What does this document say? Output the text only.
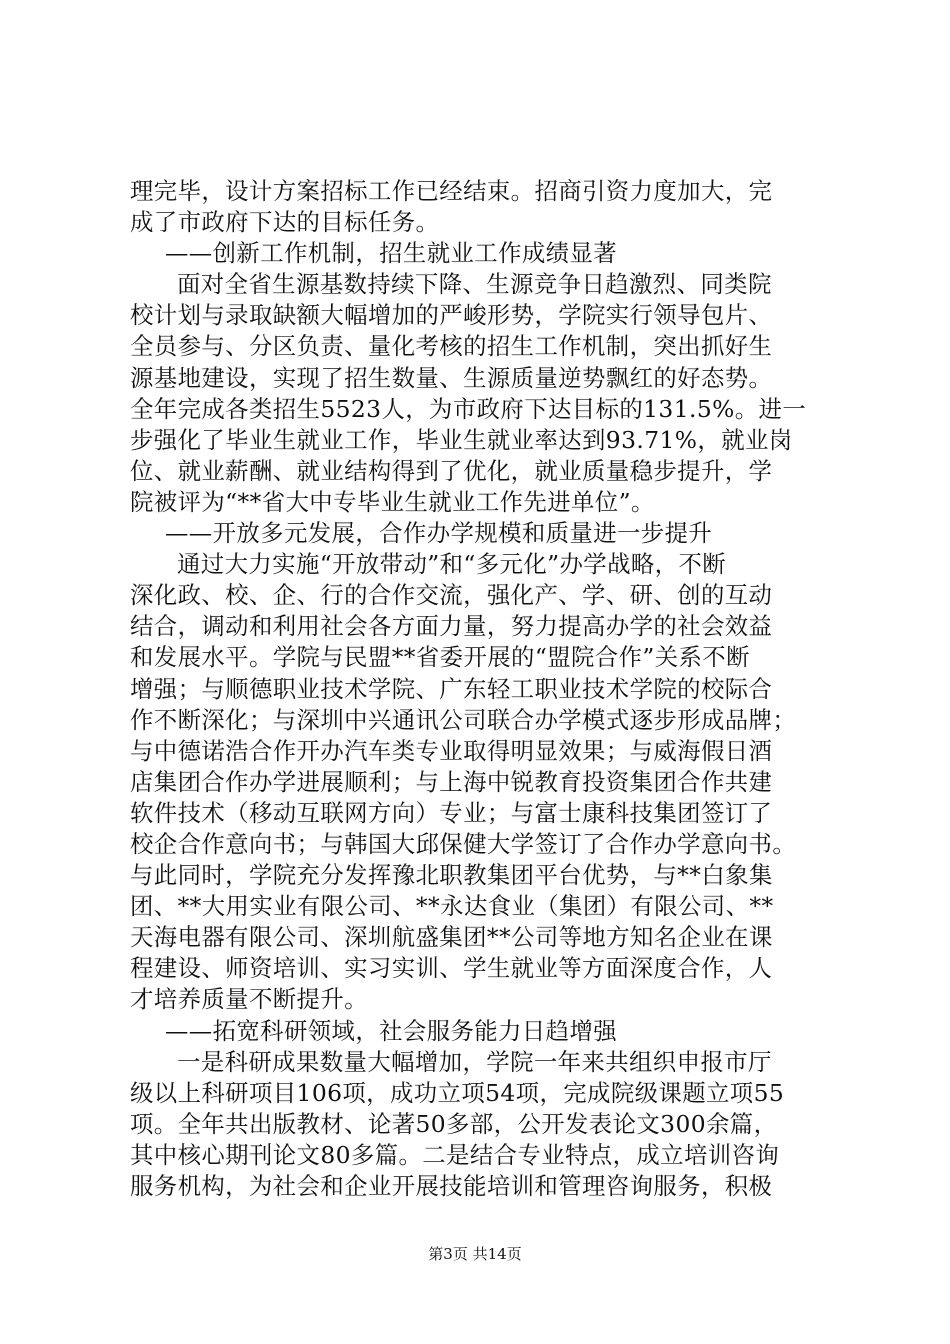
理完毕，设计方案招标工作已经结束。招商引资力度加大，完
成了市政府下达的目标任务。
——创新工作机制，招生就业工作成绩显著
面对全省生源基数持续下降、生源竞争日趋激烈、同类院
校计划与录取缺额大幅增加的严峻形势，学院实行领导包片、
全员参与、分区负责、量化考核的招生工作机制，突出抓好生
源基地建设，实现了招生数量、生源质量逆势飘红的好态势。
全年完成各类招生5523人，为市政府下达目标的131.5%。进一
步强化了毕业生就业工作，毕业生就业率达到93.71%，就业岗
位、就业薪酬、就业结构得到了优化，就业质量稳步提升，学
院被评为“**省大中专毕业生就业工作先进单位”。
——开放多元发展，合作办学规模和质量进一步提升
通过大力实施“开放带动”和“多元化”办学战略，不断
深化政、校、企、行的合作交流，强化产、学、研、创的互动
结合，调动和利用社会各方面力量，努力提高办学的社会效益
和发展水平。学院与民盟**省委开展的“盟院合作”关系不断
增强；与顺德职业技术学院、广东轻工职业技术学院的校际合
作不断深化；与深圳中兴通讯公司联合办学模式逐步形成品牌；
与中德诺浩合作开办汽车类专业取得明显效果；与威海假日酒
店集团合作办学进展顺利；与上海中锐教育投资集团合作共建
软件技术（移动互联网方向）专业；与富士康科技集团签订了
校企合作意向书；与韩国大邱保健大学签订了合作办学意向书。
与此同时，学院充分发挥豫北职教集团平台优势，与**白象集
团、**大用实业有限公司、**永达食业（集团）有限公司、**
天海电器有限公司、深圳航盛集团**公司等地方知名企业在课
程建设、师资培训、实习实训、学生就业等方面深度合作，人
才培养质量不断提升。
——拓宽科研领域，社会服务能力日趋增强
一是科研成果数量大幅增加，学院一年来共组织申报市厅
级以上科研项目106项，成功立项54项，完成院级课题立项55
项。全年共出版教材、论著50多部，公开发表论文300余篇，
其中核心期刊论文80多篇。二是结合专业特点，成立培训咨询
服务机构，为社会和企业开展技能培训和管理咨询服务，积极
第3页 共14页
